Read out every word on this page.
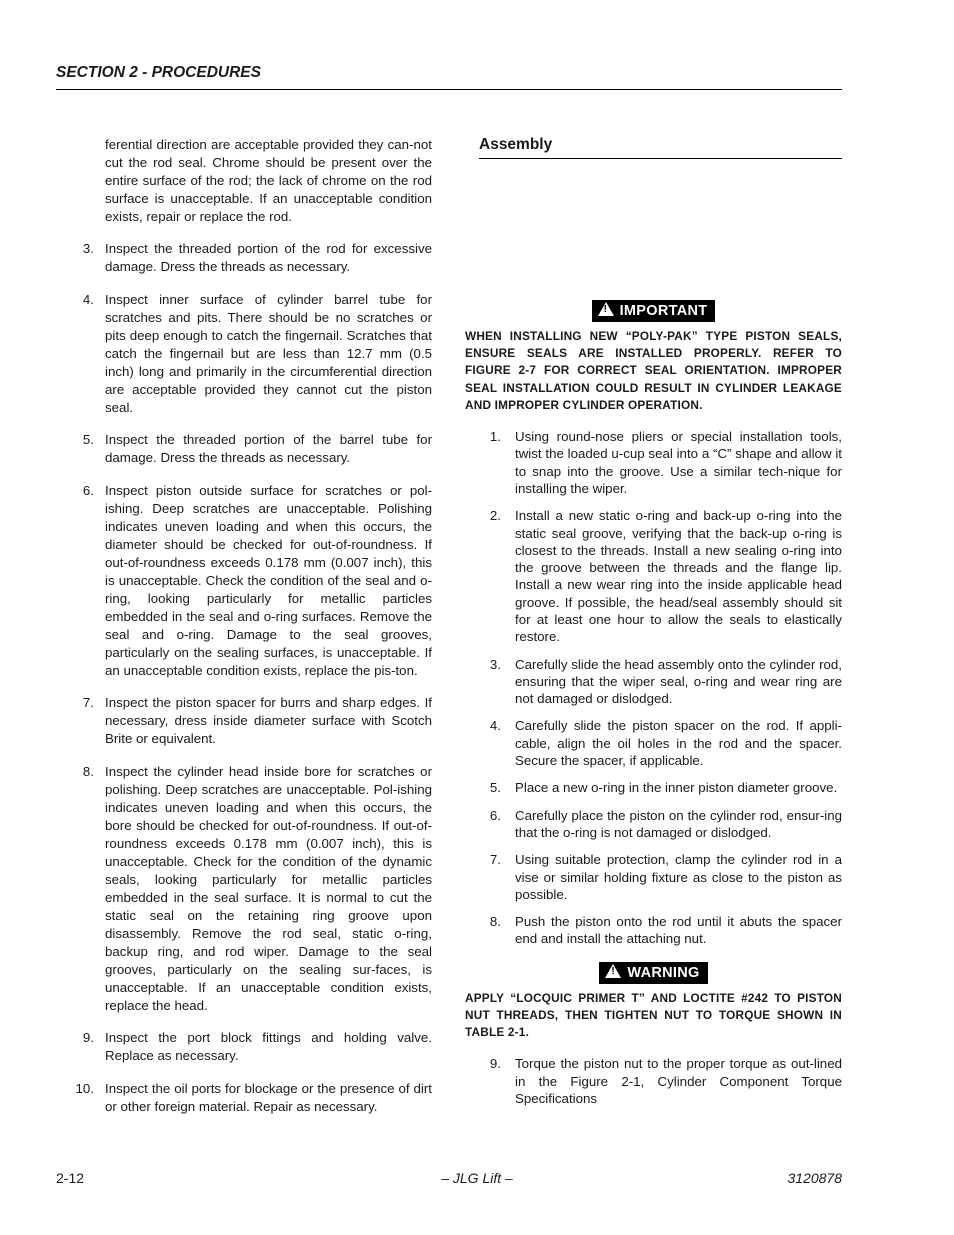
SECTION 2 - PROCEDURES

ferential direction are acceptable provided they can-not cut the rod seal. Chrome should be present over the entire surface of the rod; the lack of chrome on the rod surface is unacceptable. If an unacceptable condition exists, repair or replace the rod.

3. Inspect the threaded portion of the rod for excessive damage. Dress the threads as necessary.
4. Inspect inner surface of cylinder barrel tube for scratches and pits. There should be no scratches or pits deep enough to catch the fingernail. Scratches that catch the fingernail but are less than 12.7 mm (0.5 inch) long and primarily in the circumferential direction are acceptable provided they cannot cut the piston seal.
5. Inspect the threaded portion of the barrel tube for damage. Dress the threads as necessary.
6. Inspect piston outside surface for scratches or pol-ishing. Deep scratches are unacceptable. Polishing indicates uneven loading and when this occurs, the diameter should be checked for out-of-roundness. If out-of-roundness exceeds 0.178 mm (0.007 inch), this is unacceptable. Check the condition of the seal and o-ring, looking particularly for metallic particles embedded in the seal and o-ring surfaces. Remove the seal and o-ring. Damage to the seal grooves, particularly on the sealing surfaces, is unacceptable. If an unacceptable condition exists, replace the pis-ton.
7. Inspect the piston spacer for burrs and sharp edges. If necessary, dress inside diameter surface with Scotch Brite or equivalent.
8. Inspect the cylinder head inside bore for scratches or polishing. Deep scratches are unacceptable. Pol-ishing indicates uneven loading and when this occurs, the bore should be checked for out-of-roundness. If out-of-roundness exceeds 0.178 mm (0.007 inch), this is unacceptable. Check for the condition of the dynamic seals, looking particularly for metallic particles embedded in the seal surface. It is normal to cut the static seal on the retaining ring groove upon disassembly. Remove the rod seal, static o-ring, backup ring, and rod wiper. Damage to the seal grooves, particularly on the sealing sur-faces, is unacceptable. If an unacceptable condition exists, replace the head.
9. Inspect the port block fittings and holding valve. Replace as necessary.
10. Inspect the oil ports for blockage or the presence of dirt or other foreign material. Repair as necessary.
Assembly
! IMPORTANT
WHEN INSTALLING NEW “POLY-PAK” TYPE PISTON SEALS, ENSURE SEALS ARE INSTALLED PROPERLY. REFER TO FIGURE 2-7 FOR CORRECT SEAL ORIENTATION. IMPROPER SEAL INSTALLATION COULD RESULT IN CYLINDER LEAKAGE AND IMPROPER CYLINDER OPERATION.
1. Using round-nose pliers or special installation tools, twist the loaded u-cup seal into a “C” shape and allow it to snap into the groove. Use a similar tech-nique for installing the wiper.
2. Install a new static o-ring and back-up o-ring into the static seal groove, verifying that the back-up o-ring is closest to the threads. Install a new sealing o-ring into the groove between the threads and the flange lip. Install a new wear ring into the inside applicable head groove. If possible, the head/seal assembly should sit for at least one hour to allow the seals to elastically restore.
3. Carefully slide the head assembly onto the cylinder rod, ensuring that the wiper seal, o-ring and wear ring are not damaged or dislodged.
4. Carefully slide the piston spacer on the rod. If appli-cable, align the oil holes in the rod and the spacer. Secure the spacer, if applicable.
5. Place a new o-ring in the inner piston diameter groove.
6. Carefully place the piston on the cylinder rod, ensur-ing that the o-ring is not damaged or dislodged.
7. Using suitable protection, clamp the cylinder rod in a vise or similar holding fixture as close to the piston as possible.
8. Push the piston onto the rod until it abuts the spacer end and install the attaching nut.
! WARNING
APPLY “LOCQUIC PRIMER T” AND LOCTITE #242 TO PISTON NUT THREADS, THEN TIGHTEN NUT TO TORQUE SHOWN IN TABLE 2-1.
9. Torque the piston nut to the proper torque as out-lined in the Figure 2-1, Cylinder Component Torque Specifications
2-12	– JLG Lift –	3120878
